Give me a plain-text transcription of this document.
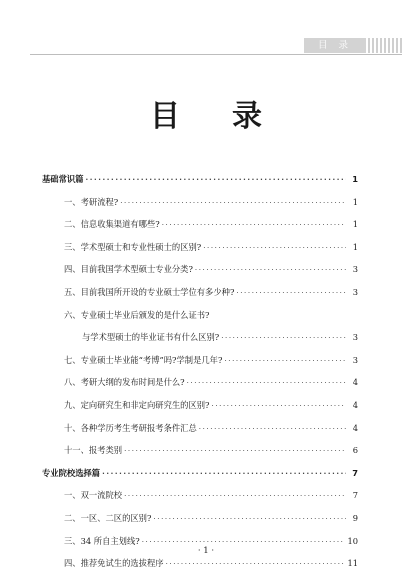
目 录
目录
基础常识篇 ·····	1
一、考研流程? ·····	1
二、信息收集渠道有哪些? ·····	1
三、学术型硕士和专业性硕士的区别? ·····	1
四、目前我国学术型硕士专业分类? ·····	3
五、目前我国所开设的专业硕士学位有多少种? ·····	3
六、专业硕士毕业后颁发的是什么证书?
与学术型硕士的毕业证书有什么区别? ·····	3
七、专业硕士毕业能“考博”吗?学制是几年? ·····	3
八、考研大纲的发布时间是什么? ·····	4
九、定向研究生和非定向研究生的区别? ·····	4
十、各种学历考生考研报考条件汇总 ·····	4
十一、报考类别 ·····	6
专业院校选择篇 ·····	7
一、双一流院校 ·····	7
二、一区、二区的区别? ·····	9
三、34 所自主划线? ·····	10
四、推荐免试生的选拔程序 ·····	11
· 1 ·
